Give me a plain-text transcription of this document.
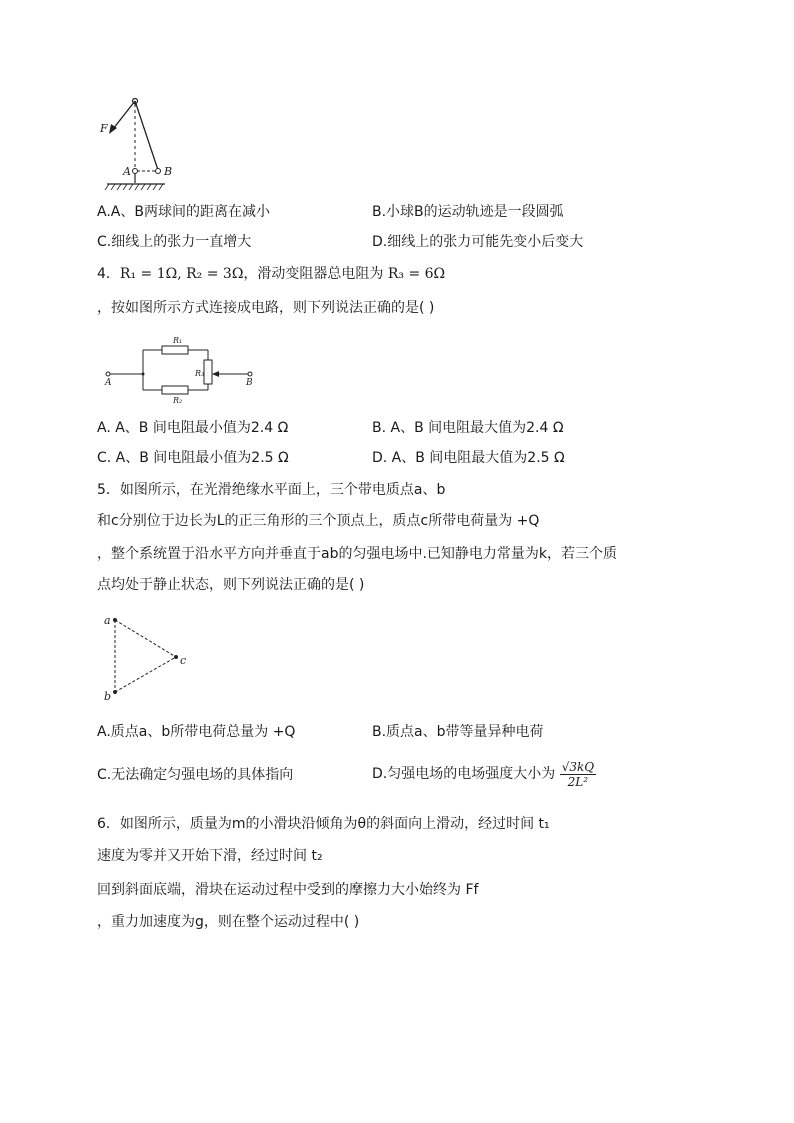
F
A	B
A.A、B两球间的距离在减小	B.小球B的运动轨迹是一段圆弧
C.细线上的张力一直增大	D.细线上的张力可能先变小后变大
4．R₁ = 1Ω, R₂ = 3Ω，滑动变阻器总电阻为 R₃ = 6Ω
，按如图所示方式连接成电路，则下列说法正确的是( )
R₁
R₂
R₃
A	B
A. A、B 间电阻最小值为2.4 Ω	B. A、B 间电阻最大值为2.4 Ω
C. A、B 间电阻最小值为2.5 Ω	D. A、B 间电阻最大值为2.5 Ω
5．如图所示，在光滑绝缘水平面上，三个带电质点a、b
和c分别位于边长为L的正三角形的三个顶点上，质点c所带电荷量为 +Q
，整个系统置于沿水平方向并垂直于ab的匀强电场中.已知静电力常量为k，若三个质
点均处于静止状态，则下列说法正确的是( )
a
b
c
A.质点a、b所带电荷总量为 +Q	B.质点a、b带等量异种电荷
C.无法确定匀强电场的具体指向	D.匀强电场的电场强度大小为 $\frac{√3kQ}{\text{2L²}}$
6．如图所示，质量为m的小滑块沿倾角为θ的斜面向上滑动，经过时间 t₁
速度为零并又开始下滑，经过时间 t₂
回到斜面底端，滑块在运动过程中受到的摩擦力大小始终为 Ff
，重力加速度为g，则在整个运动过程中( )
